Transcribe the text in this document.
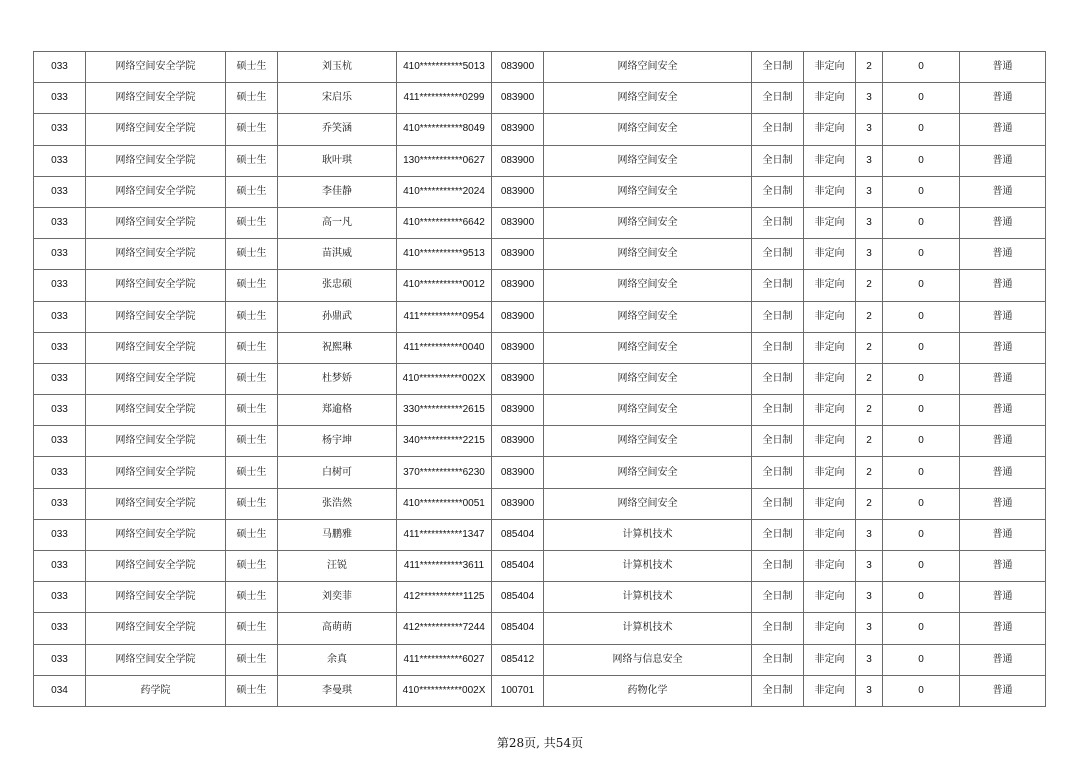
033	网络空间安全学院	硕士生	刘玉杭	410***********5013	083900	网络空间安全	全日制	非定向	2	0	普通
033	网络空间安全学院	硕士生	宋启乐	411***********0299	083900	网络空间安全	全日制	非定向	3	0	普通
033	网络空间安全学院	硕士生	乔笑涵	410***********8049	083900	网络空间安全	全日制	非定向	3	0	普通
033	网络空间安全学院	硕士生	耿叶琪	130***********0627	083900	网络空间安全	全日制	非定向	3	0	普通
033	网络空间安全学院	硕士生	李佳静	410***********2024	083900	网络空间安全	全日制	非定向	3	0	普通
033	网络空间安全学院	硕士生	高一凡	410***********6642	083900	网络空间安全	全日制	非定向	3	0	普通
033	网络空间安全学院	硕士生	苗淇威	410***********9513	083900	网络空间安全	全日制	非定向	3	0	普通
033	网络空间安全学院	硕士生	张忠硕	410***********0012	083900	网络空间安全	全日制	非定向	2	0	普通
033	网络空间安全学院	硕士生	孙鼎武	411***********0954	083900	网络空间安全	全日制	非定向	2	0	普通
033	网络空间安全学院	硕士生	祝熙琳	411***********0040	083900	网络空间安全	全日制	非定向	2	0	普通
033	网络空间安全学院	硕士生	杜梦娇	410***********002X	083900	网络空间安全	全日制	非定向	2	0	普通
033	网络空间安全学院	硕士生	郑逾格	330***********2615	083900	网络空间安全	全日制	非定向	2	0	普通
033	网络空间安全学院	硕士生	杨宇坤	340***********2215	083900	网络空间安全	全日制	非定向	2	0	普通
033	网络空间安全学院	硕士生	白树可	370***********6230	083900	网络空间安全	全日制	非定向	2	0	普通
033	网络空间安全学院	硕士生	张浩然	410***********0051	083900	网络空间安全	全日制	非定向	2	0	普通
033	网络空间安全学院	硕士生	马鹏雅	411***********1347	085404	计算机技术	全日制	非定向	3	0	普通
033	网络空间安全学院	硕士生	汪锐	411***********3611	085404	计算机技术	全日制	非定向	3	0	普通
033	网络空间安全学院	硕士生	刘奕菲	412***********1125	085404	计算机技术	全日制	非定向	3	0	普通
033	网络空间安全学院	硕士生	高萌萌	412***********7244	085404	计算机技术	全日制	非定向	3	0	普通
033	网络空间安全学院	硕士生	余真	411***********6027	085412	网络与信息安全	全日制	非定向	3	0	普通
034	药学院	硕士生	李曼琪	410***********002X	100701	药物化学	全日制	非定向	3	0	普通
第28页, 共54页
